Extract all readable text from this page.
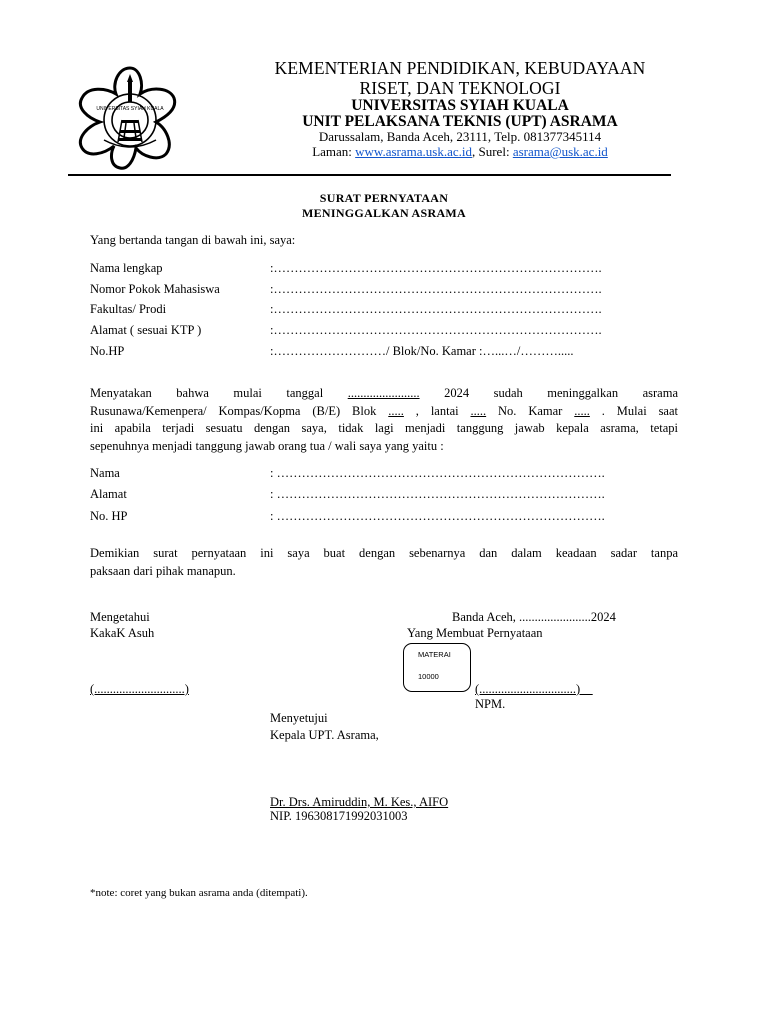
UNIVERSITAS SYIAH KUALA
KEMENTERIAN PENDIDIKAN, KEBUDAYAAN
RISET, DAN TEKNOLOGI
UNIVERSITAS SYIAH KUALA
UNIT PELAKSANA TEKNIS (UPT) ASRAMA
Darussalam, Banda Aceh, 23111, Telp. 081377345114
Laman: www.asrama.usk.ac.id, Surel: asrama@usk.ac.id
SURAT PERNYATAAN
MENINGGALKAN ASRAMA
Yang bertanda tangan di bawah ini, saya:
Nama lengkap	:…………………………………………………………………….
Nomor Pokok Mahasiswa	:…………………………………………………………………….
Fakultas/ Prodi	:…………………………………………………………………….
Alamat ( sesuai KTP )	:…………………………………………………………………….
No.HP	:………………………/ Blok/No. Kamar :…...…/……….....
Menyatakan bahwa mulai tanggal ....................... 2024 sudah meninggalkan asrama
Rusunawa/Kemenpera/ Kompas/Kopma (B/E) Blok ..... , lantai ..... No. Kamar ..... . Mulai saat
ini apabila terjadi sesuatu dengan saya, tidak lagi menjadi tanggung jawab kepala asrama, tetapi
sepenuhnya menjadi tanggung jawab orang tua / wali saya yang yaitu :
Nama	: …………………………………………………………………….
Alamat	: …………………………………………………………………….
No. HP	: …………………………………………………………………….
Demikian surat pernyataan ini saya buat dengan sebenarnya dan dalam keadaan sadar tanpa
paksaan dari pihak manapun.
Mengetahui
KakaK Asuh
(.............................)
Banda Aceh, .......................2024
Yang Membuat Pernyataan
MATERAI
10000
(...............................)
NPM.
Menyetujui
Kepala UPT. Asrama,
Dr. Drs. Amiruddin, M. Kes., AIFO
NIP. 196308171992031003
*note: coret yang bukan asrama anda (ditempati).
